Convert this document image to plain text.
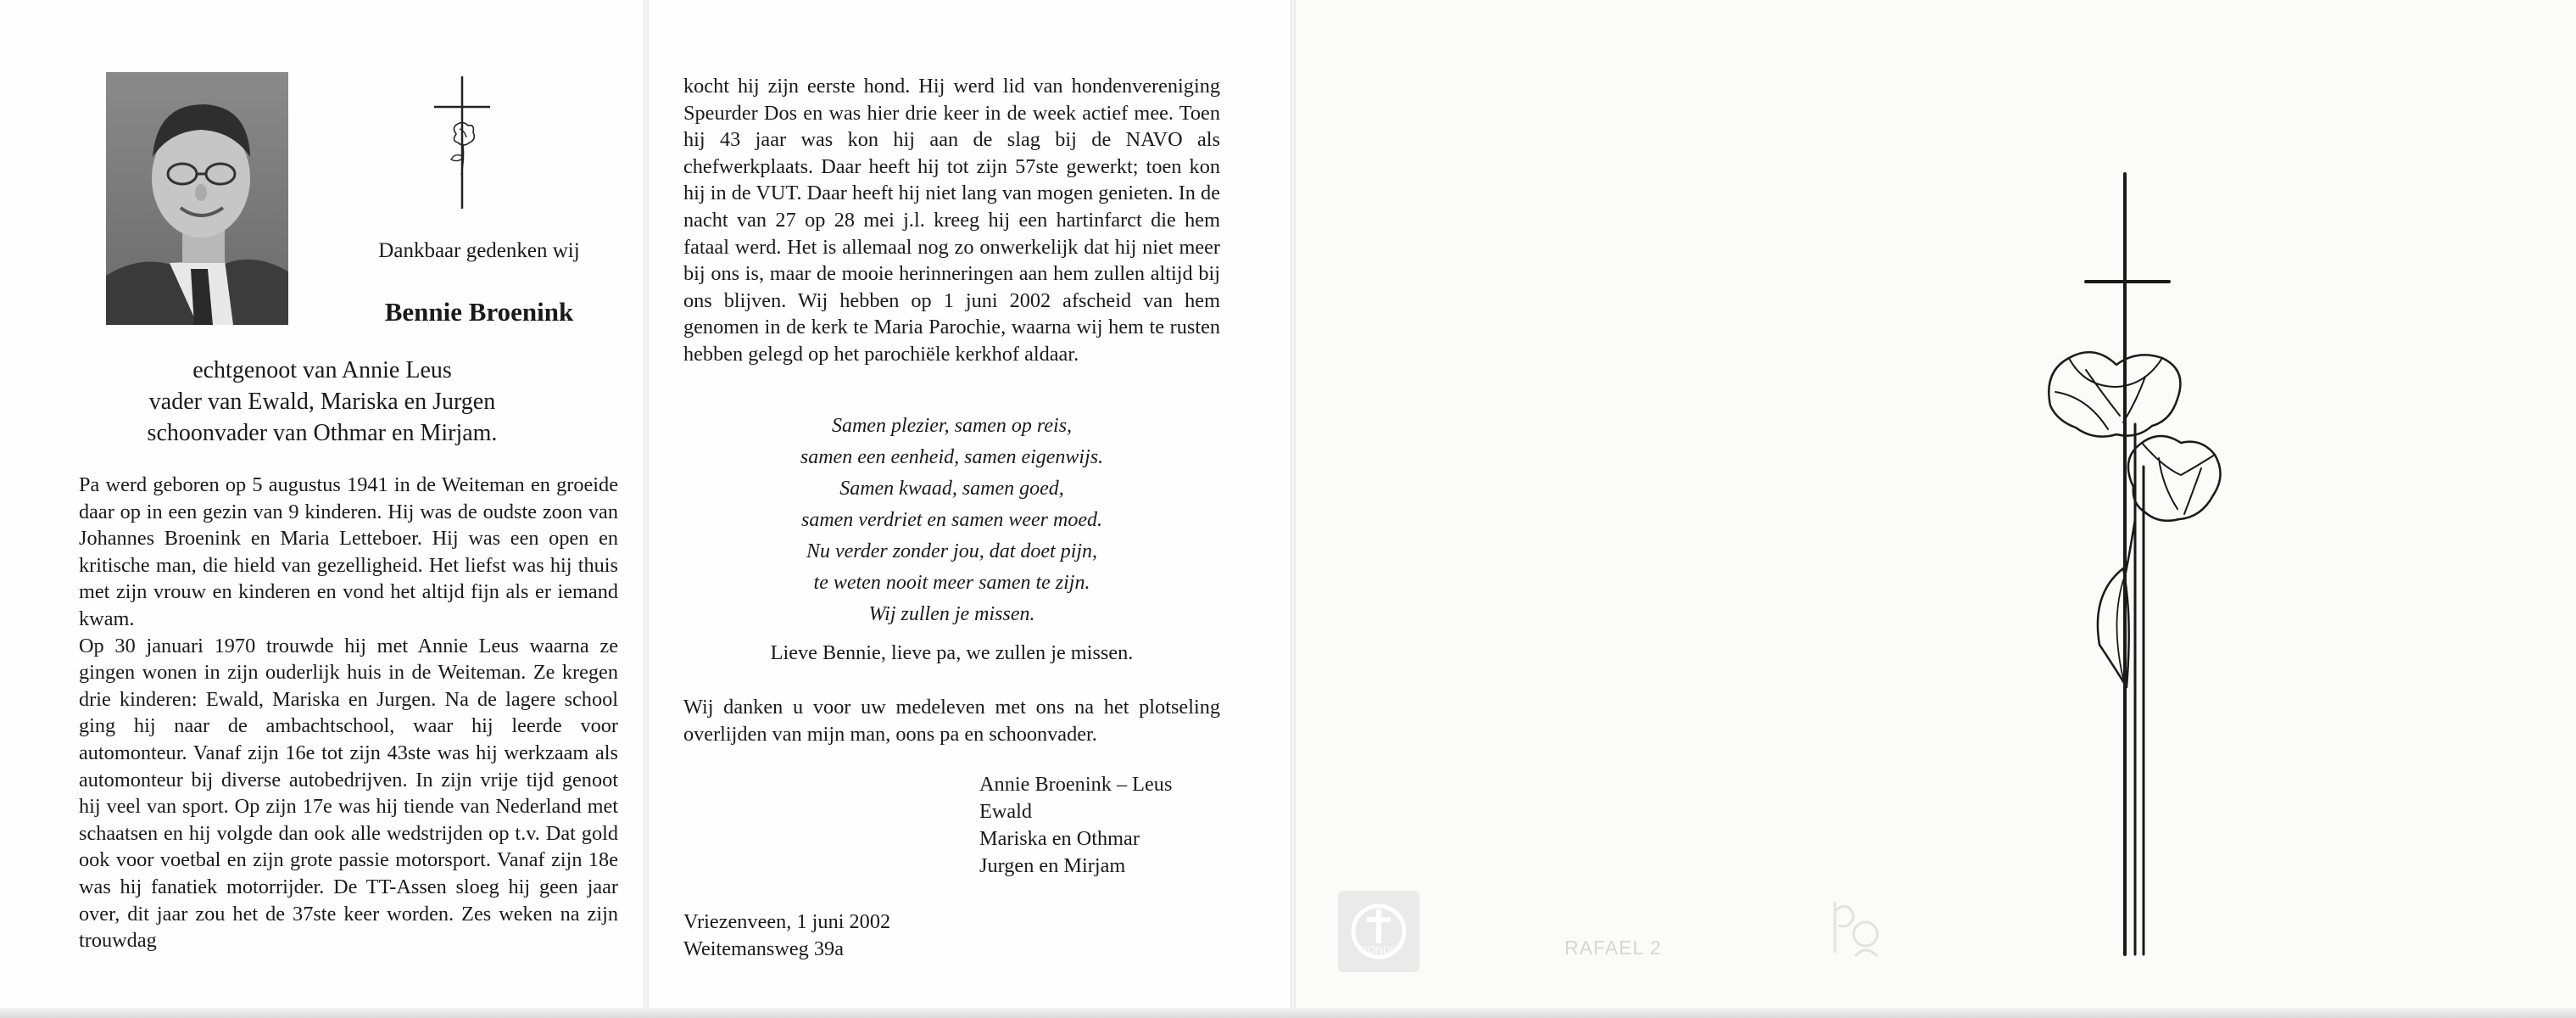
Dankbaar gedenken wij
Bennie Broenink
echtgenoot van Annie Leus
vader van Ewald, Mariska en Jurgen
schoonvader van Othmar en Mirjam.

Pa werd geboren op 5 augustus 1941 in de Weiteman en groeide daar op in een gezin van 9 kinderen. Hij was de oudste zoon van Johannes Broenink en Maria Letteboer. Hij was een open en kritische man, die hield van gezelligheid. Het liefst was hij thuis met zijn vrouw en kinderen en vond het altijd fijn als er iemand kwam.

Op 30 januari 1970 trouwde hij met Annie Leus waarna ze gingen wonen in zijn ouderlijk huis in de Weiteman. Ze kregen drie kinderen: Ewald, Mariska en Jurgen. Na de lagere school ging hij naar de ambachtschool, waar hij leerde voor automonteur. Vanaf zijn 16e tot zijn 43ste was hij werkzaam als automonteur bij diverse autobedrijven. In zijn vrije tijd genoot hij veel van sport. Op zijn 17e was hij tiende van Nederland met schaatsen en hij volgde dan ook alle wedstrijden op t.v. Dat gold ook voor voetbal en zijn grote passie motorsport. Vanaf zijn 18e was hij fanatiek motorrijder. De TT-Assen sloeg hij geen jaar over, dit jaar zou het de 37ste keer worden. Zes weken na zijn trouwdag

kocht hij zijn eerste hond. Hij werd lid van hondenvereniging Speurder Dos en was hier drie keer in de week actief mee. Toen hij 43 jaar was kon hij aan de slag bij de NAVO als chefwerkplaats. Daar heeft hij tot zijn 57ste gewerkt; toen kon hij in de VUT. Daar heeft hij niet lang van mogen genieten. In de nacht van 27 op 28 mei j.l. kreeg hij een hartinfarct die hem fataal werd. Het is allemaal nog zo onwerkelijk dat hij niet meer bij ons is, maar de mooie herinneringen aan hem zullen altijd bij ons blijven. Wij hebben op 1 juni 2002 afscheid van hem genomen in de kerk te Maria Parochie, waarna wij hem te rusten hebben gelegd op het parochiële kerkhof aldaar.
Samen plezier, samen op reis,
samen een eenheid, samen eigenwijs.
Samen kwaad, samen goed,
samen verdriet en samen weer moed.
Nu verder zonder jou, dat doet pijn,
te weten nooit meer samen te zijn.
Wij zullen je missen.
Lieve Bennie, lieve pa, we zullen je missen.
Wij danken u voor uw medeleven met ons na het plotseling overlijden van mijn man, oons pa en schoonvader.
Annie Broenink – Leus
Ewald
Mariska en Othmar
Jurgen en Mirjam
Vriezenveen, 1 juni 2002
Weitemansweg 39a	RONDE	RAFAEL 2
